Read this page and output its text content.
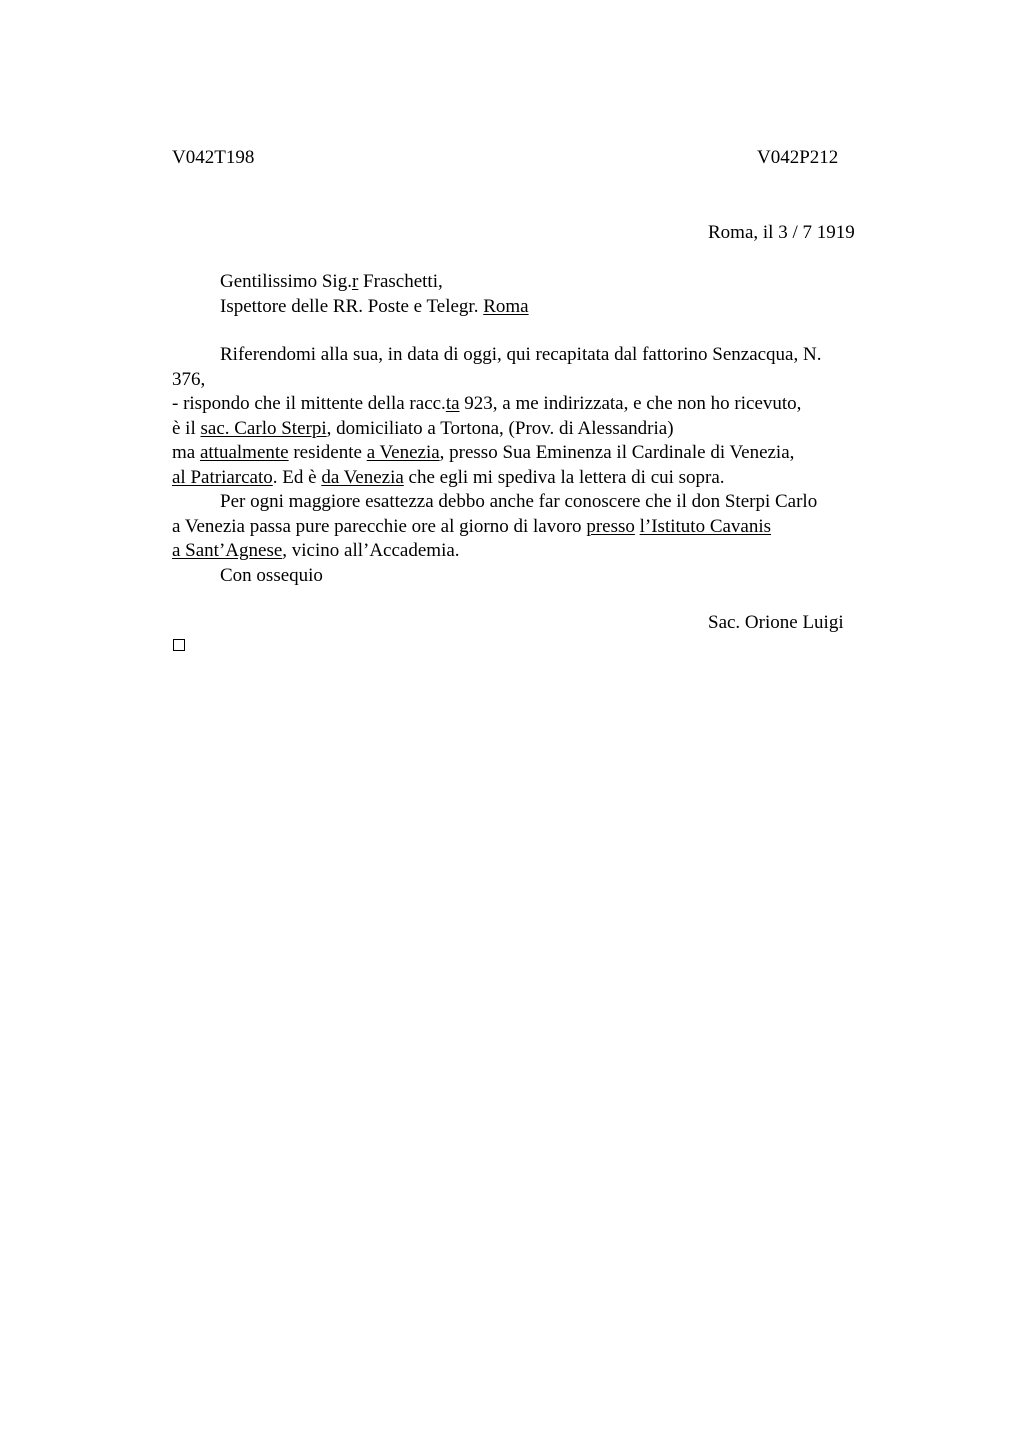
V042T198	V042P212
Roma, il 3 / 7 1919
Gentilissimo Sig.r Fraschetti,
Ispettore delle RR. Poste e Telegr. Roma
Riferendomi alla sua, in data di oggi, qui recapitata dal fattorino Senzacqua, N.
376,
- rispondo che il mittente della racc.ta 923, a me indirizzata, e che non ho ricevuto,
è il sac. Carlo Sterpi, domiciliato a Tortona, (Prov. di Alessandria)
ma attualmente residente a Venezia, presso Sua Eminenza il Cardinale di Venezia,
al Patriarcato. Ed è da Venezia che egli mi spediva la lettera di cui sopra.
Per ogni maggiore esattezza debbo anche far conoscere che il don Sterpi Carlo
a Venezia passa pure parecchie ore al giorno di lavoro presso l’Istituto Cavanis
a Sant’Agnese, vicino all’Accademia.
Con ossequio
Sac. Orione Luigi
